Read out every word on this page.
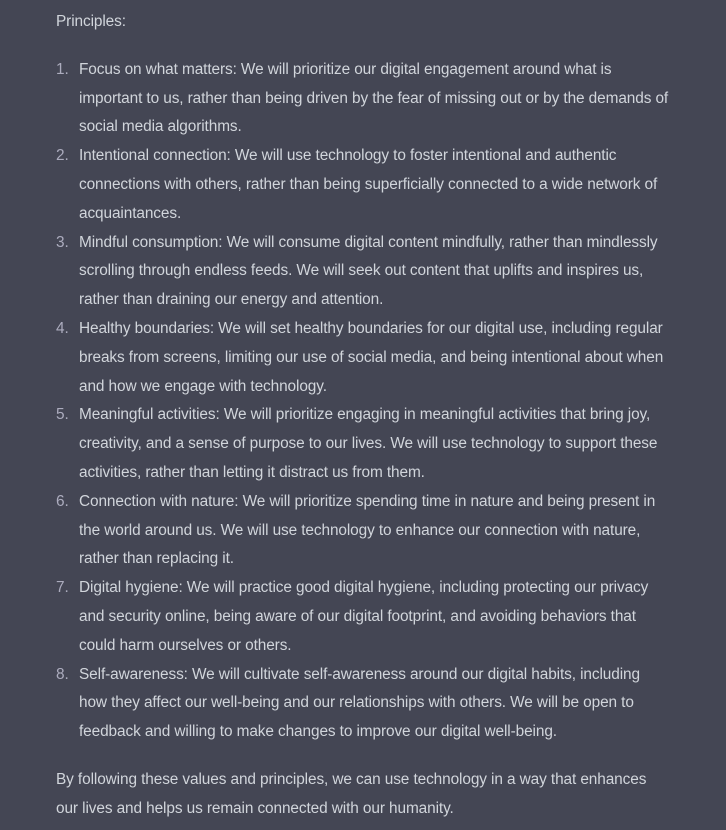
Principles:

1. Focus on what matters: We will prioritize our digital engagement around what is important to us, rather than being driven by the fear of missing out or by the demands of social media algorithms.
2. Intentional connection: We will use technology to foster intentional and authentic connections with others, rather than being superficially connected to a wide network of acquaintances.
3. Mindful consumption: We will consume digital content mindfully, rather than mindlessly scrolling through endless feeds. We will seek out content that uplifts and inspires us, rather than draining our energy and attention.
4. Healthy boundaries: We will set healthy boundaries for our digital use, including regular breaks from screens, limiting our use of social media, and being intentional about when and how we engage with technology.
5. Meaningful activities: We will prioritize engaging in meaningful activities that bring joy, creativity, and a sense of purpose to our lives. We will use technology to support these activities, rather than letting it distract us from them.
6. Connection with nature: We will prioritize spending time in nature and being present in the world around us. We will use technology to enhance our connection with nature, rather than replacing it.
7. Digital hygiene: We will practice good digital hygiene, including protecting our privacy and security online, being aware of our digital footprint, and avoiding behaviors that could harm ourselves or others.
8. Self-awareness: We will cultivate self-awareness around our digital habits, including how they affect our well-being and our relationships with others. We will be open to feedback and willing to make changes to improve our digital well-being.

By following these values and principles, we can use technology in a way that enhances our lives and helps us remain connected with our humanity.
